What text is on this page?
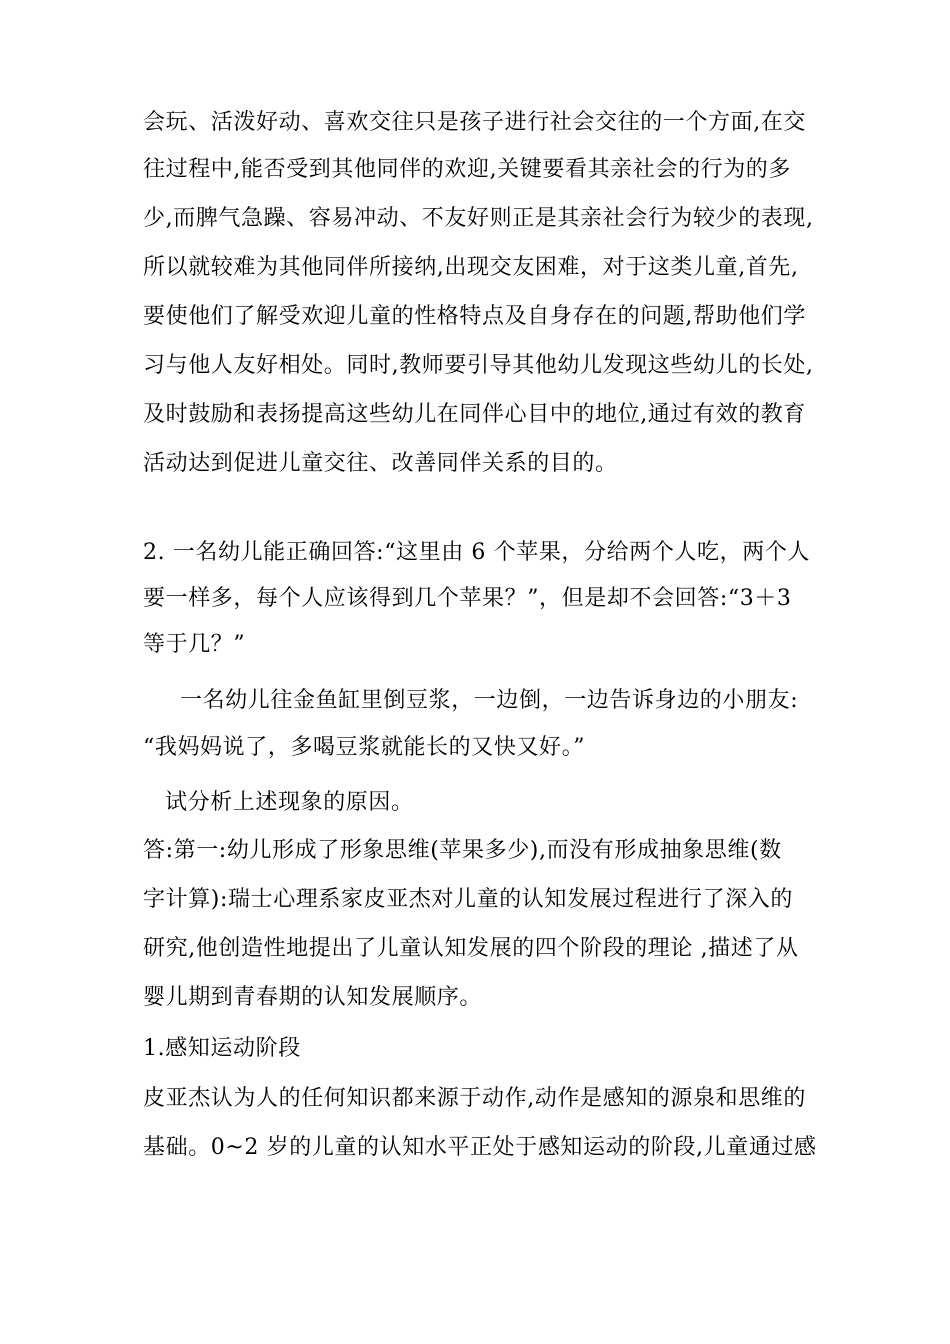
会玩、活泼好动、喜欢交往只是孩子进行社会交往的一个方面,在交
往过程中,能否受到其他同伴的欢迎,关键要看其亲社会的行为的多
少,而脾气急躁、容易冲动、不友好则正是其亲社会行为较少的表现,
所以就较难为其他同伴所接纳,出现交友困难，对于这类儿童,首先,
要使他们了解受欢迎儿童的性格特点及自身存在的问题,帮助他们学
习与他人友好相处。同时,教师要引导其他幼儿发现这些幼儿的长处,
及时鼓励和表扬提高这些幼儿在同伴心目中的地位,通过有效的教育
活动达到促进儿童交往、改善同伴关系的目的。
2. 一名幼儿能正确回答:“这里由 6 个苹果，分给两个人吃，两个人
要一样多，每个人应该得到几个苹果？”，但是却不会回答:“3＋3
等于几？”
一名幼儿往金鱼缸里倒豆浆，一边倒，一边告诉身边的小朋友:
“我妈妈说了，多喝豆浆就能长的又快又好。”
试分析上述现象的原因。
答:第一:幼儿形成了形象思维(苹果多少),而没有形成抽象思维(数
字计算):瑞士心理系家皮亚杰对儿童的认知发展过程进行了深入的
研究,他创造性地提出了儿童认知发展的四个阶段的理论 ,描述了从
婴儿期到青春期的认知发展顺序。
1.感知运动阶段
皮亚杰认为人的任何知识都来源于动作,动作是感知的源泉和思维的
基础。0~2 岁的儿童的认知水平正处于感知运动的阶段,儿童通过感
